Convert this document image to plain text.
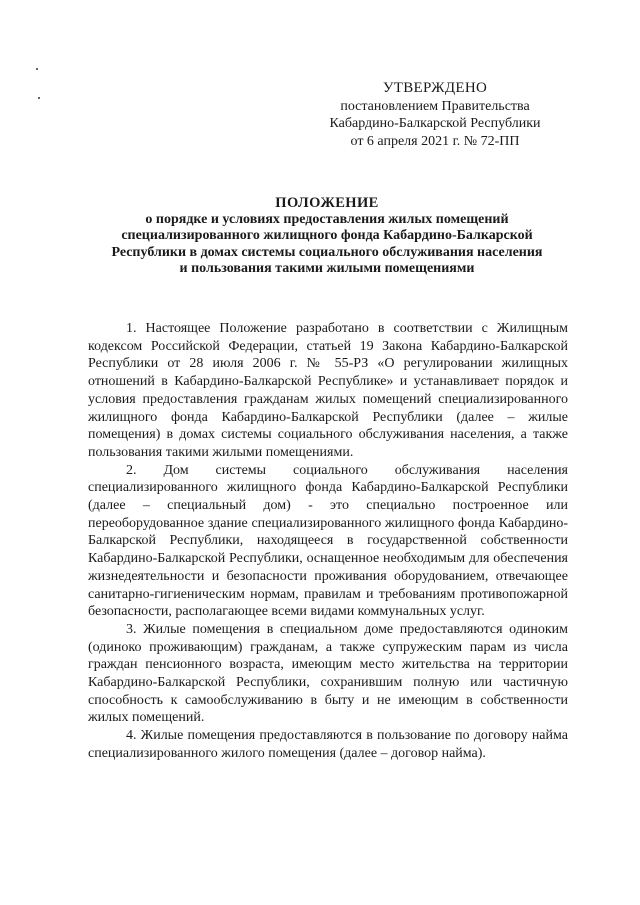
УТВЕРЖДЕНО
постановлением Правительства
Кабардино-Балкарской Республики
от 6 апреля 2021 г. № 72-ПП
ПОЛОЖЕНИЕ
о порядке и условиях предоставления жилых помещений
специализированного жилищного фонда Кабардино-Балкарской
Республики в домах системы социального обслуживания населения
и пользования такими жилыми помещениями

1. Настоящее Положение разработано в соответствии с Жилищным кодексом Российской Федерации, статьей 19 Закона Кабардино-Балкарской Республики от 28 июля 2006 г. № 55-РЗ «О регулировании жилищных отношений в Кабардино-Балкарской Республике» и устанавливает порядок и условия предоставления гражданам жилых помещений специализированного жилищного фонда Кабардино-Балкарской Республики (далее – жилые помещения) в домах системы социального обслуживания населения, а также пользования такими жилыми помещениями.

2. Дом системы социального обслуживания населения специализированного жилищного фонда Кабардино-Балкарской Республики (далее – специальный дом) - это специально построенное или переоборудованное здание специализированного жилищного фонда Кабардино-Балкарской Республики, находящееся в государственной собственности Кабардино-Балкарской Республики, оснащенное необходимым для обеспечения жизнедеятельности и безопасности проживания оборудованием, отвечающее санитарно-гигиеническим нормам, правилам и требованиям противопожарной безопасности, располагающее всеми видами коммунальных услуг.

3. Жилые помещения в специальном доме предоставляются одиноким (одиноко проживающим) гражданам, а также супружеским парам из числа граждан пенсионного возраста, имеющим место жительства на территории Кабардино-Балкарской Республики, сохранившим полную или частичную способность к самообслуживанию в быту и не имеющим в собственности жилых помещений.

4. Жилые помещения предоставляются в пользование по договору найма специализированного жилого помещения (далее – договор найма).
